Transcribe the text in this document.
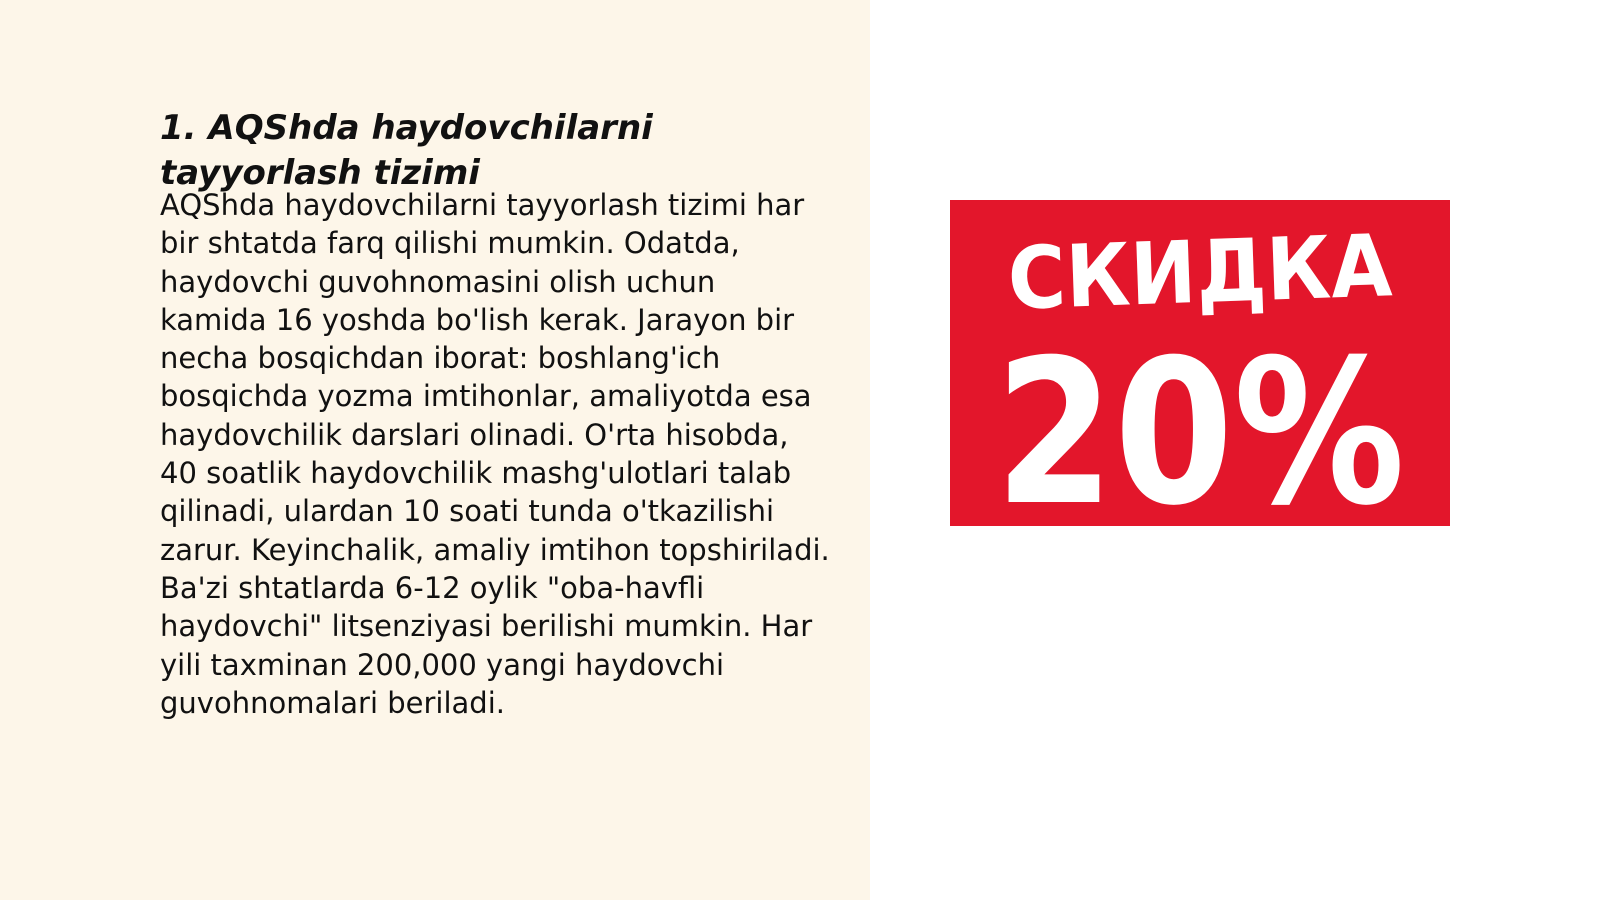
1. AQShda haydovchilarni tayyorlash tizimi

AQShda haydovchilarni tayyorlash tizimi har bir shtatda farq qilishi mumkin. Odatda, haydovchi guvohnomasini olish uchun kamida 16 yoshda bo'lish kerak. Jarayon bir necha bosqichdan iborat: boshlang'ich bosqichda yozma imtihonlar, amaliyotda esa haydovchilik darslari olinadi. O'rta hisobda, 40 soatlik haydovchilik mashg'ulotlari talab qilinadi, ulardan 10 soati tunda o'tkazilishi zarur. Keyinchalik, amaliy imtihon topshiriladi. Ba'zi shtatlarda 6-12 oylik "oba-havfli haydovchi" litsenziyasi berilishi mumkin. Har yili taxminan 200,000 yangi haydovchi guvohnomalari beriladi.

СКИДКА
20%
